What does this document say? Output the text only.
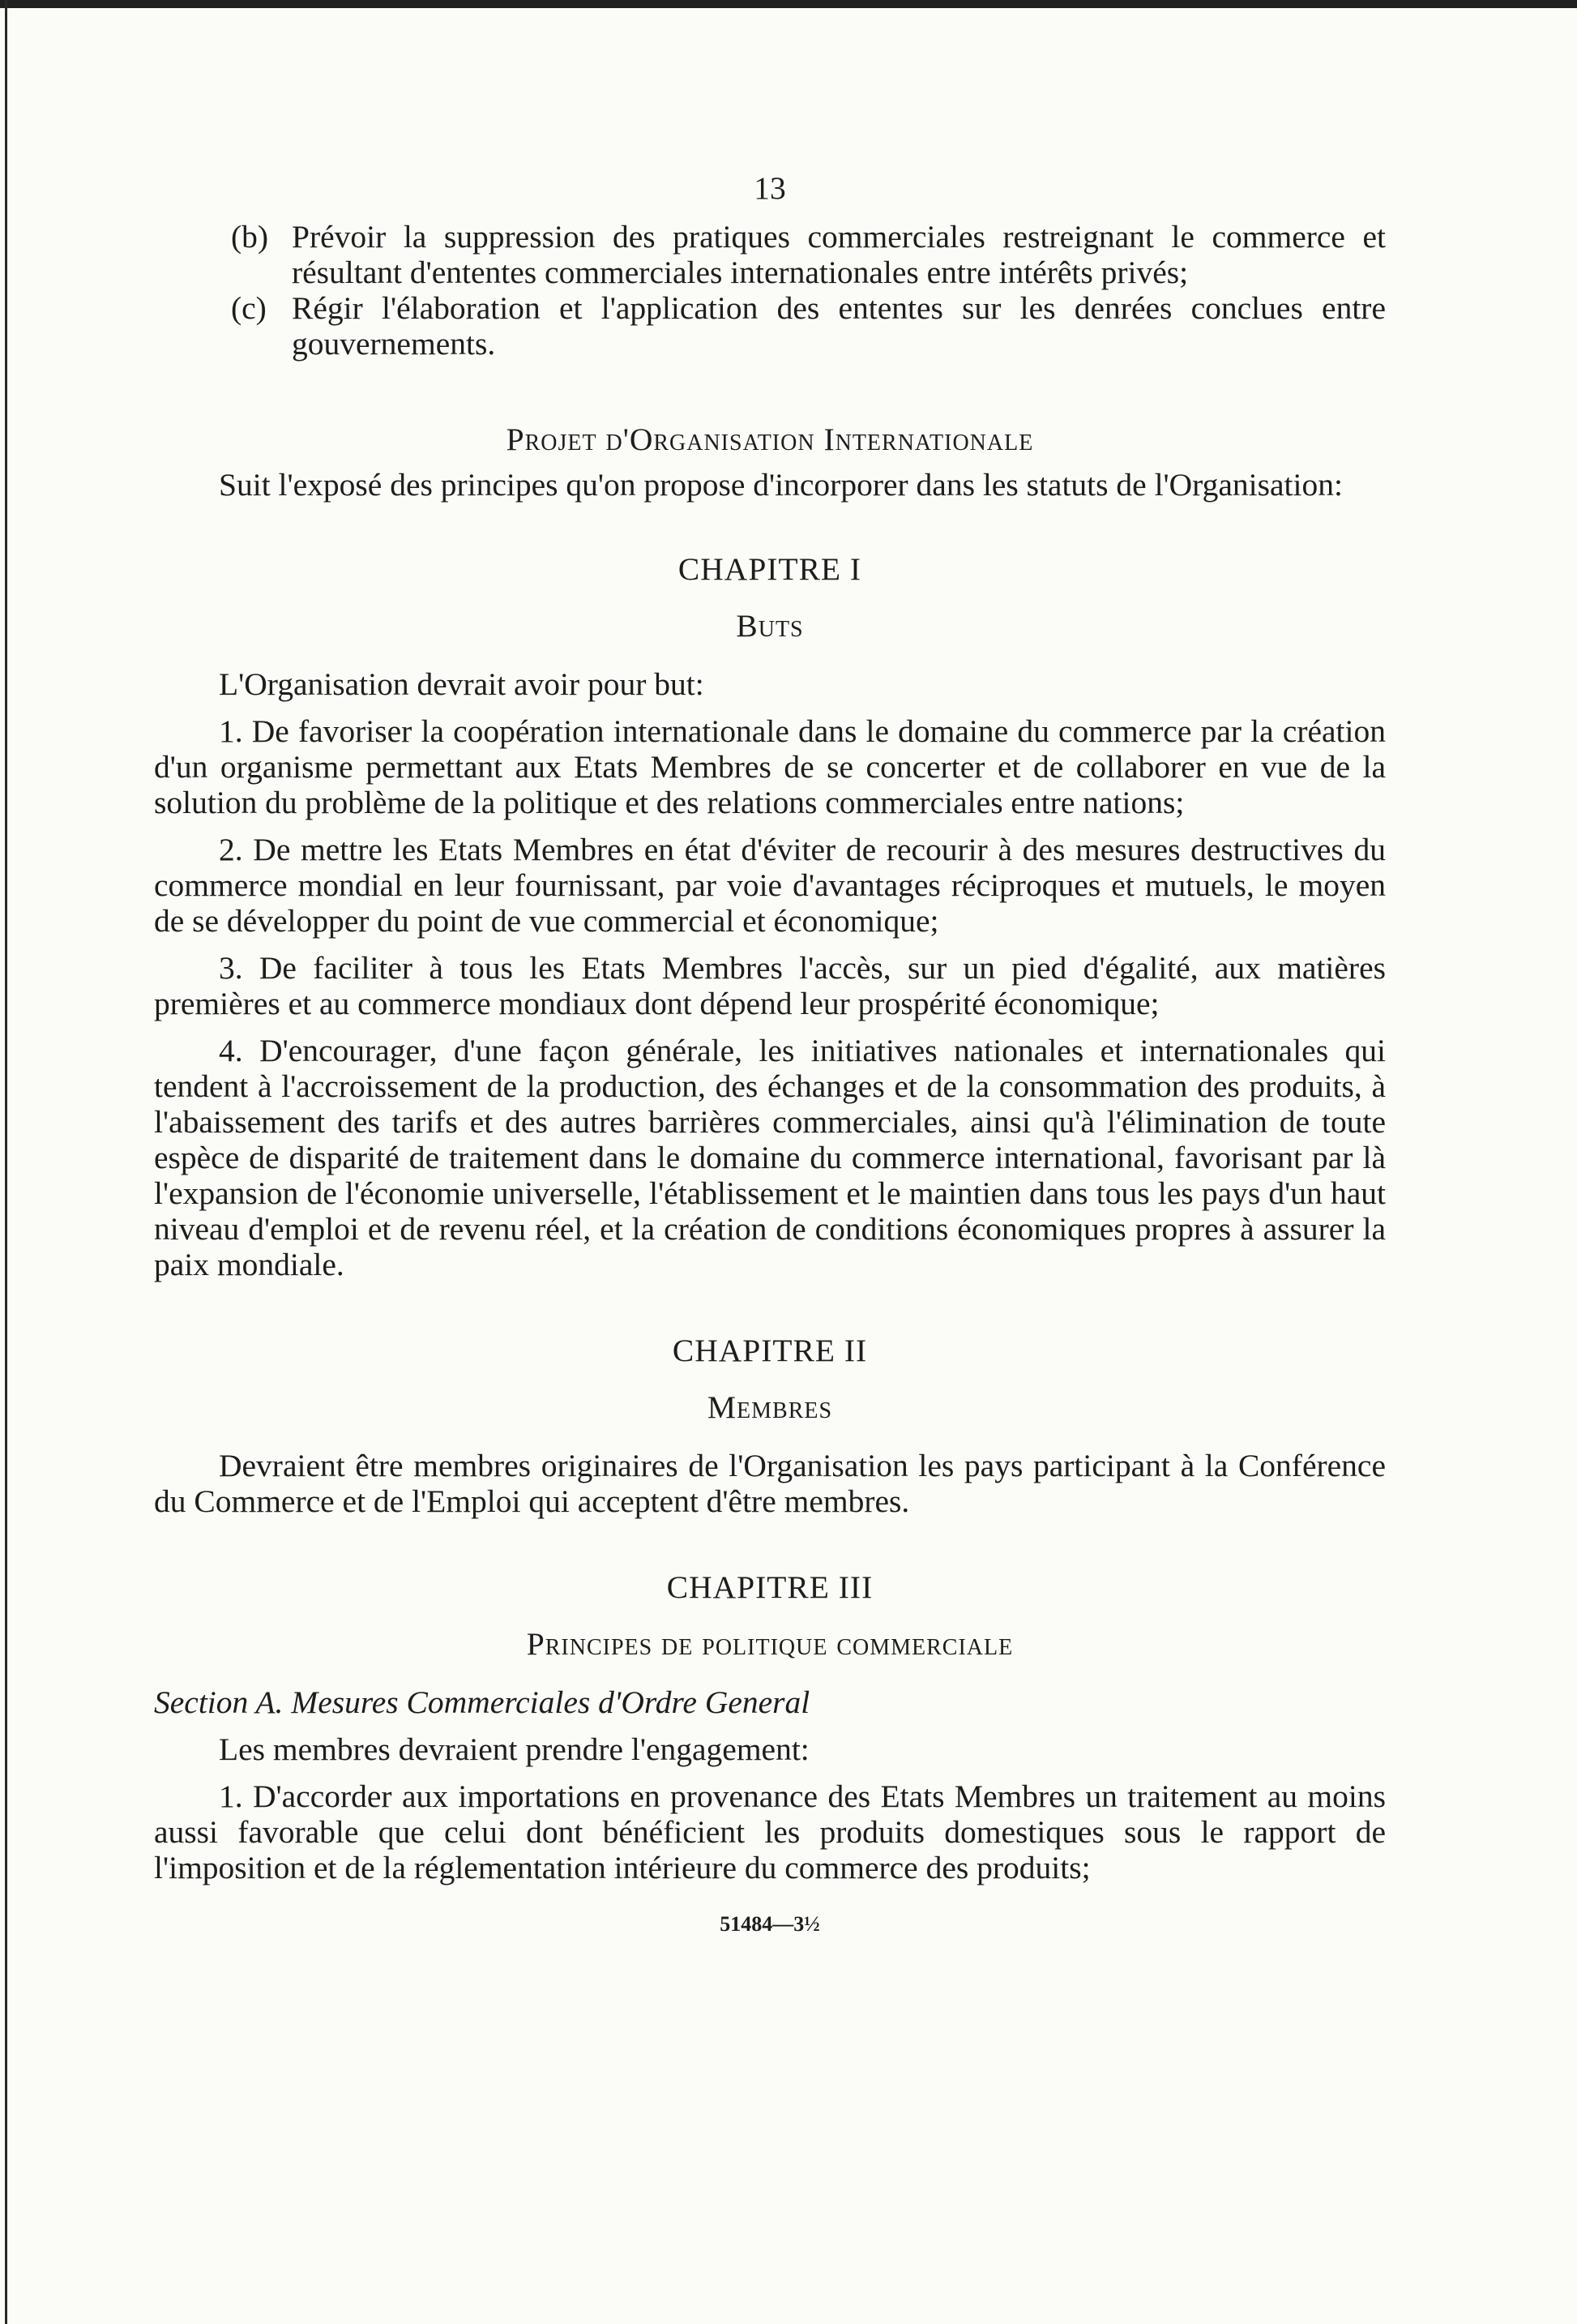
13
(b) Prévoir la suppression des pratiques commerciales restreignant le commerce et résultant d'ententes commerciales internationales entre intérêts privés;
(c) Régir l'élaboration et l'application des ententes sur les denrées conclues entre gouvernements.
Projet d'Organisation Internationale

Suit l'exposé des principes qu'on propose d'incorporer dans les statuts de l'Organisation:

CHAPITRE I
Buts

L'Organisation devrait avoir pour but:

1. De favoriser la coopération internationale dans le domaine du commerce par la création d'un organisme permettant aux Etats Membres de se concerter et de collaborer en vue de la solution du problème de la politique et des relations commerciales entre nations;

2. De mettre les Etats Membres en état d'éviter de recourir à des mesures destructives du commerce mondial en leur fournissant, par voie d'avantages réciproques et mutuels, le moyen de se développer du point de vue commercial et économique;

3. De faciliter à tous les Etats Membres l'accès, sur un pied d'égalité, aux matières premières et au commerce mondiaux dont dépend leur prospérité économique;

4. D'encourager, d'une façon générale, les initiatives nationales et internationales qui tendent à l'accroissement de la production, des échanges et de la consommation des produits, à l'abaissement des tarifs et des autres barrières commerciales, ainsi qu'à l'élimination de toute espèce de disparité de traitement dans le domaine du commerce international, favorisant par là l'expansion de l'économie universelle, l'établissement et le maintien dans tous les pays d'un haut niveau d'emploi et de revenu réel, et la création de conditions économiques propres à assurer la paix mondiale.

CHAPITRE II
Membres

Devraient être membres originaires de l'Organisation les pays participant à la Conférence du Commerce et de l'Emploi qui acceptent d'être membres.

CHAPITRE III
Principes de politique commerciale
Section A. Mesures Commerciales d'Ordre General

Les membres devraient prendre l'engagement:

1. D'accorder aux importations en provenance des Etats Membres un traitement au moins aussi favorable que celui dont bénéficient les produits domestiques sous le rapport de l'imposition et de la réglementation intérieure du commerce des produits;

51484—3½
